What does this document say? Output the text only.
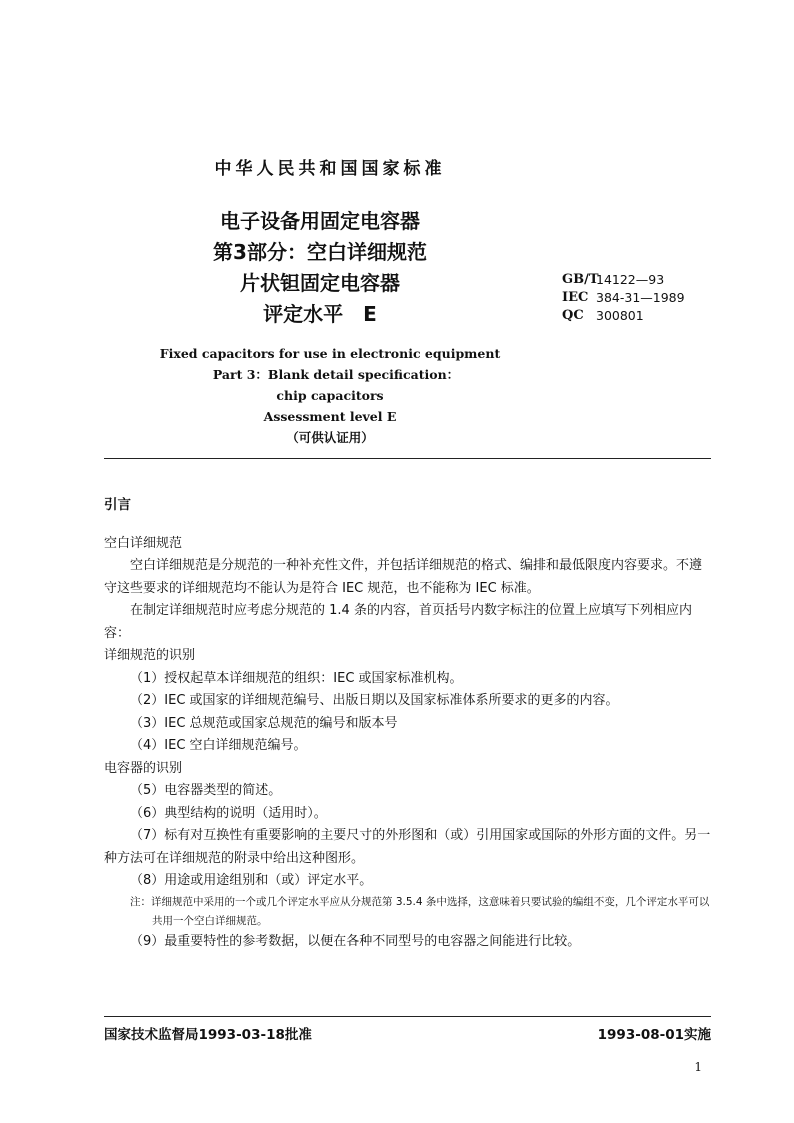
中华人民共和国国家标准
电子设备用固定电容器
第3部分：空白详细规范
片状钽固定电容器
评定水平　E
GB/T
14122—93
IEC 384-31—1989
QC 300801
Fixed capacitors for use in electronic equipment
Part 3：Blank detail specification：
chip capacitors
Assessment level E
（可供认证用）

引言

空白详细规范

空白详细规范是分规范的一种补充性文件，并包括详细规范的格式、编排和最低限度内容要求。不遵守这些要求的详细规范均不能认为是符合 IEC 规范，也不能称为 IEC 标准。

在制定详细规范时应考虑分规范的 1.4 条的内容，首页括号内数字标注的位置上应填写下列相应内容：

详细规范的识别

（1）授权起草本详细规范的组织：IEC 或国家标准机构。

（2）IEC 或国家的详细规范编号、出版日期以及国家标准体系所要求的更多的内容。

（3）IEC 总规范或国家总规范的编号和版本号

（4）IEC 空白详细规范编号。

电容器的识别

（5）电容器类型的简述。

（6）典型结构的说明（适用时）。

（7）标有对互换性有重要影响的主要尺寸的外形图和（或）引用国家或国际的外形方面的文件。另一种方法可在详细规范的附录中给出这种图形。

（8）用途或用途组别和（或）评定水平。

注：详细规范中采用的一个或几个评定水平应从分规范第 3.5.4 条中选择，这意味着只要试验的编组不变，几个评定水平可以共用一个空白详细规范。

（9）最重要特性的参考数据，以便在各种不同型号的电容器之间能进行比较。

国家技术监督局1993-03-18批准	1993-08-01实施
1
